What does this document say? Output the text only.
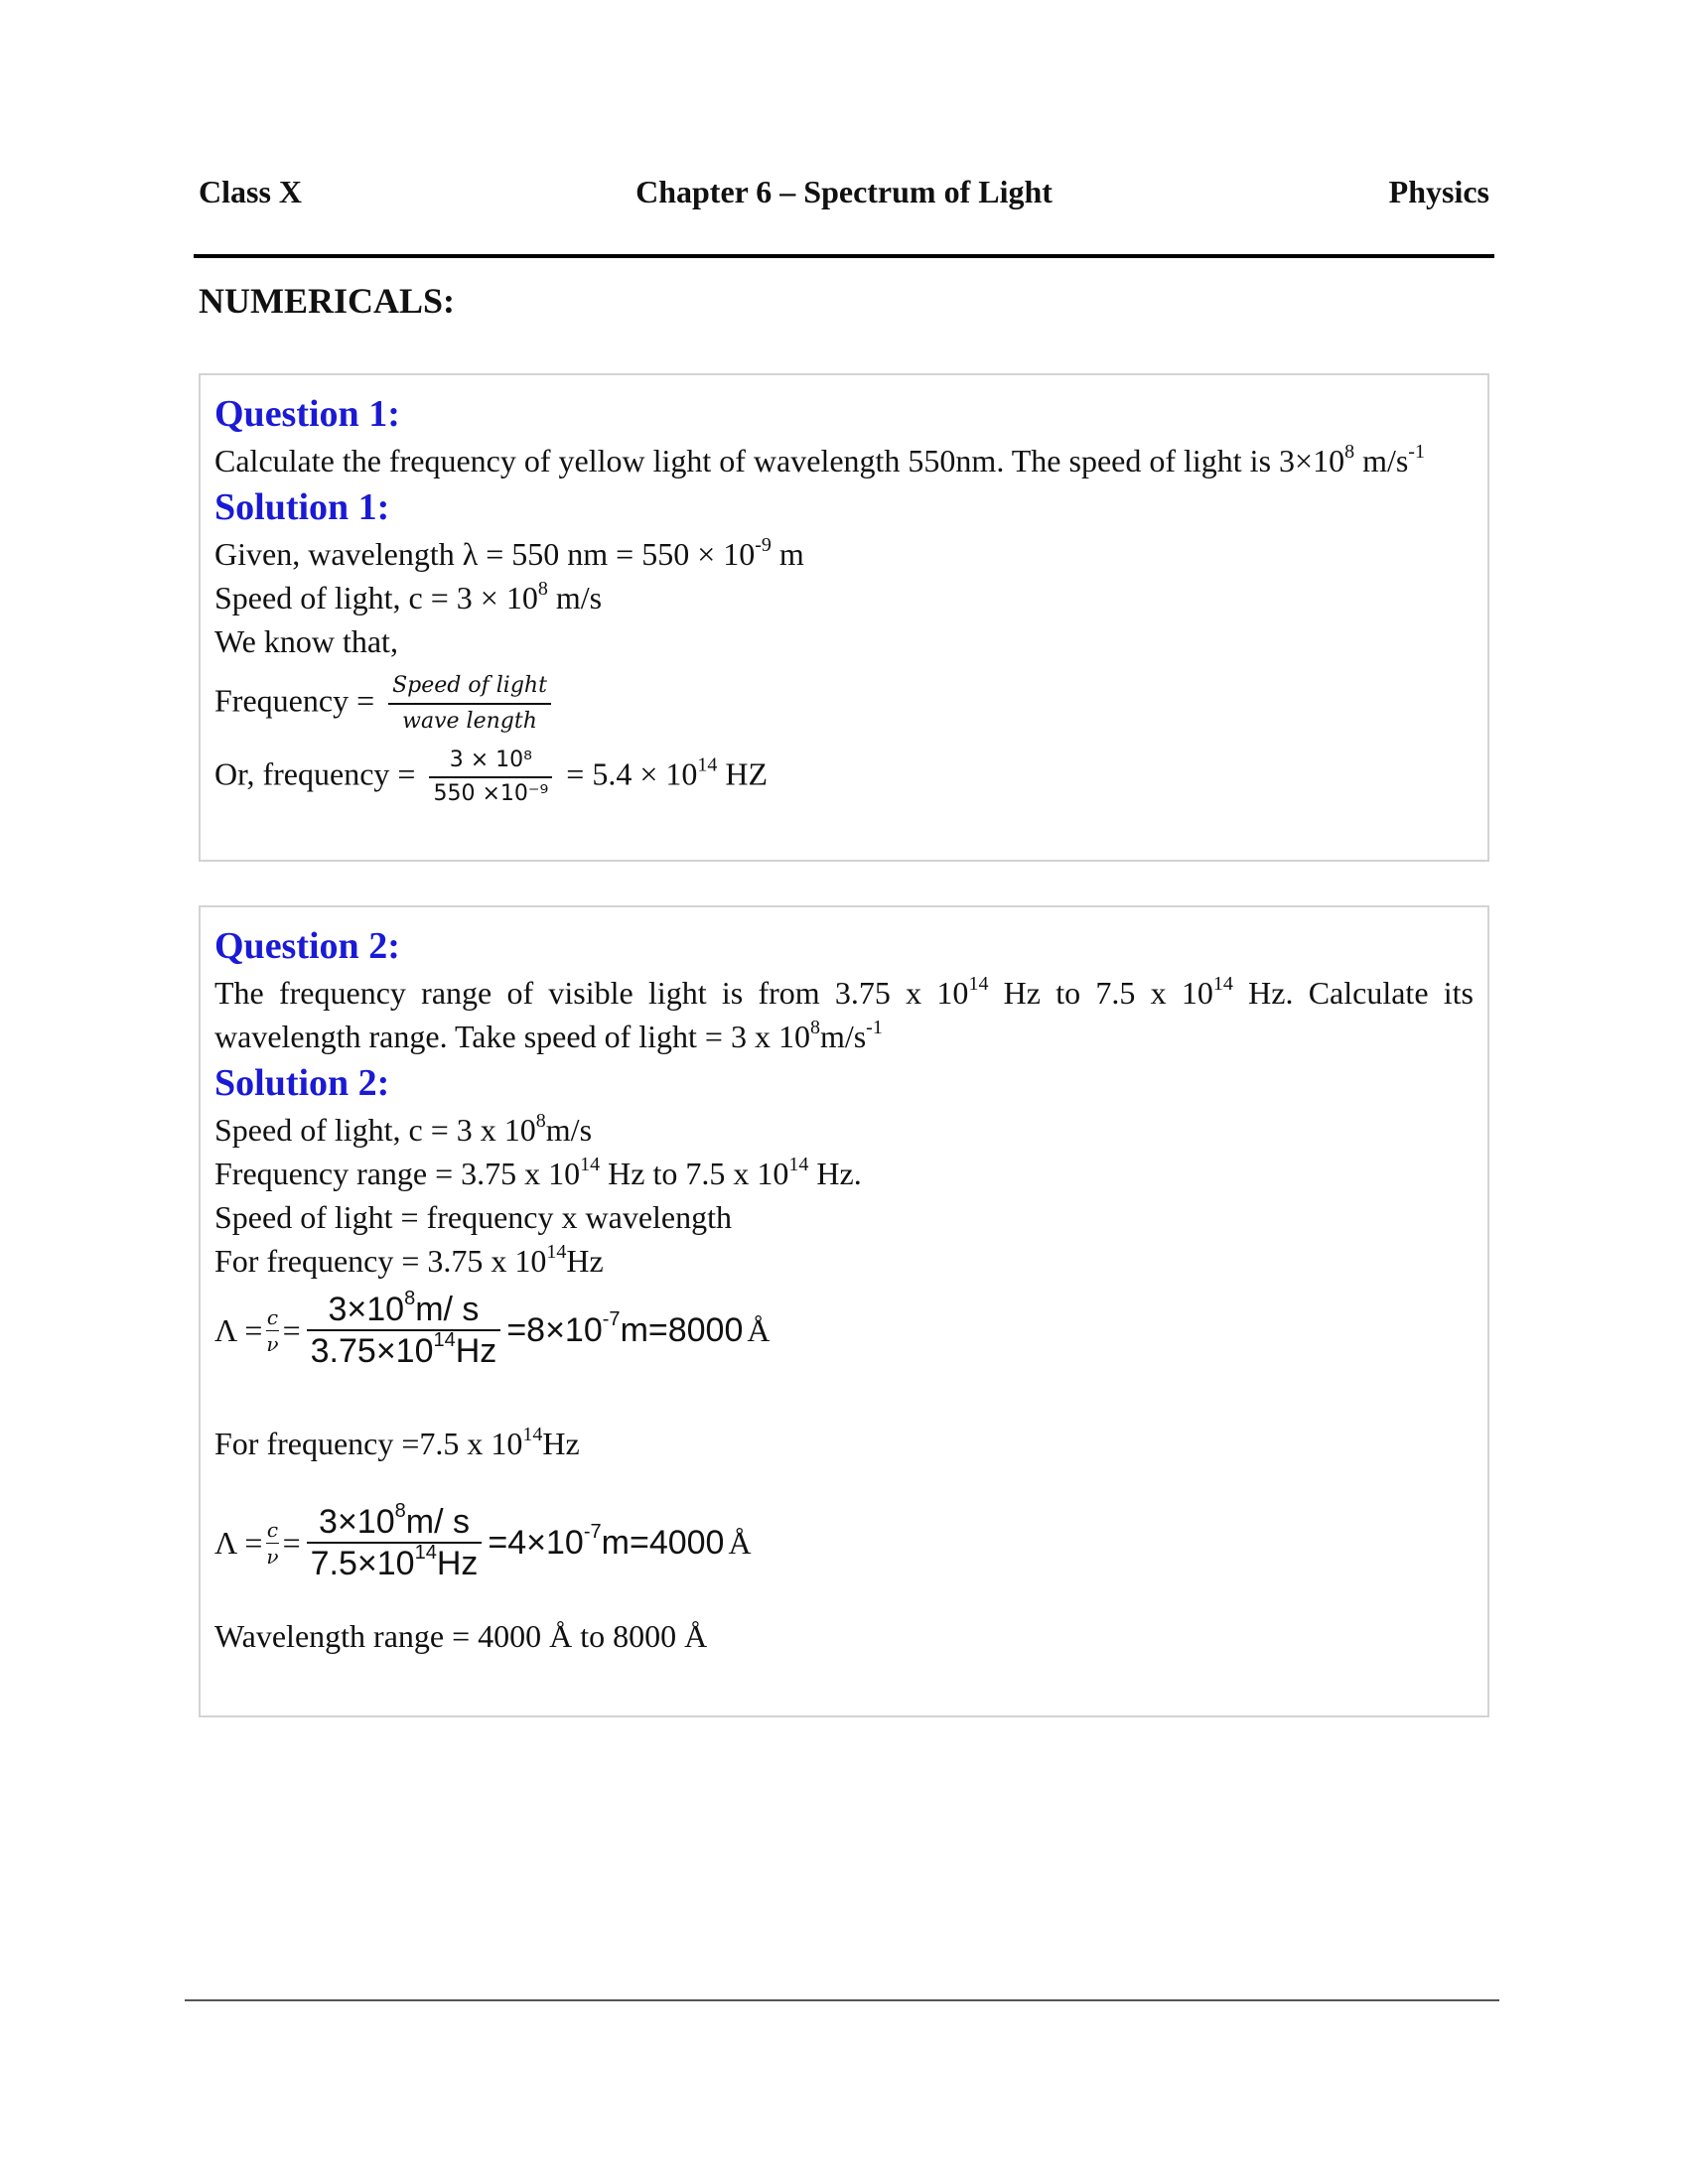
Class X	Chapter 6 – Spectrum of Light	Physics
NUMERICALS:
Question 1:
Calculate the frequency of yellow light of wavelength 550nm. The speed of light is $3\times 10^8$ $m/s^{-1}$
Solution 1:
Given, wavelength λ = 550 nm = $550 \times 10^{-9}$ m
Speed of light, $c = 3 \times 10^8$ m/s
We know that,
Frequency = $\frac{\text{Speed of light}}{\text{wave length}}$
Or, frequency = $\frac{\text{3 × 10⁸}}{\text{550 ×10⁻⁹}} = 5.4 \times 10^{14}$ HZ
Question 2:
The frequency range of visible light is from 3.75 x $10^{14}$ Hz to 7.5 x $10^{14}$ Hz. Calculate its wavelength range. Take speed of light = 3 x $10^8m/s^{-1}$
Solution 2:
Speed of light, c = 3 x $10^8m/s$
Frequency range = 3.75 x $10^{14}$ Hz to 7.5 x $10^{14}$ Hz.
Speed of light = frequency x wavelength
For frequency = 3.75 x $10^{14}Hz$
$\Lambda = \frac{c}{\nu} = \frac{3\times 10^8m/ s}{3.75\times 10^{14}Hz} =8\times 10^{-7}m=8000$ Å
For frequency =7.5 x $10^{14}Hz$
$\Lambda = \frac{c}{\nu} = \frac{3\times 10^8m/ s}{7.5\times 10^{14}Hz} =4\times 10^{-7}m=4000$ Å
Wavelength range = 4000 Å to 8000 Å
